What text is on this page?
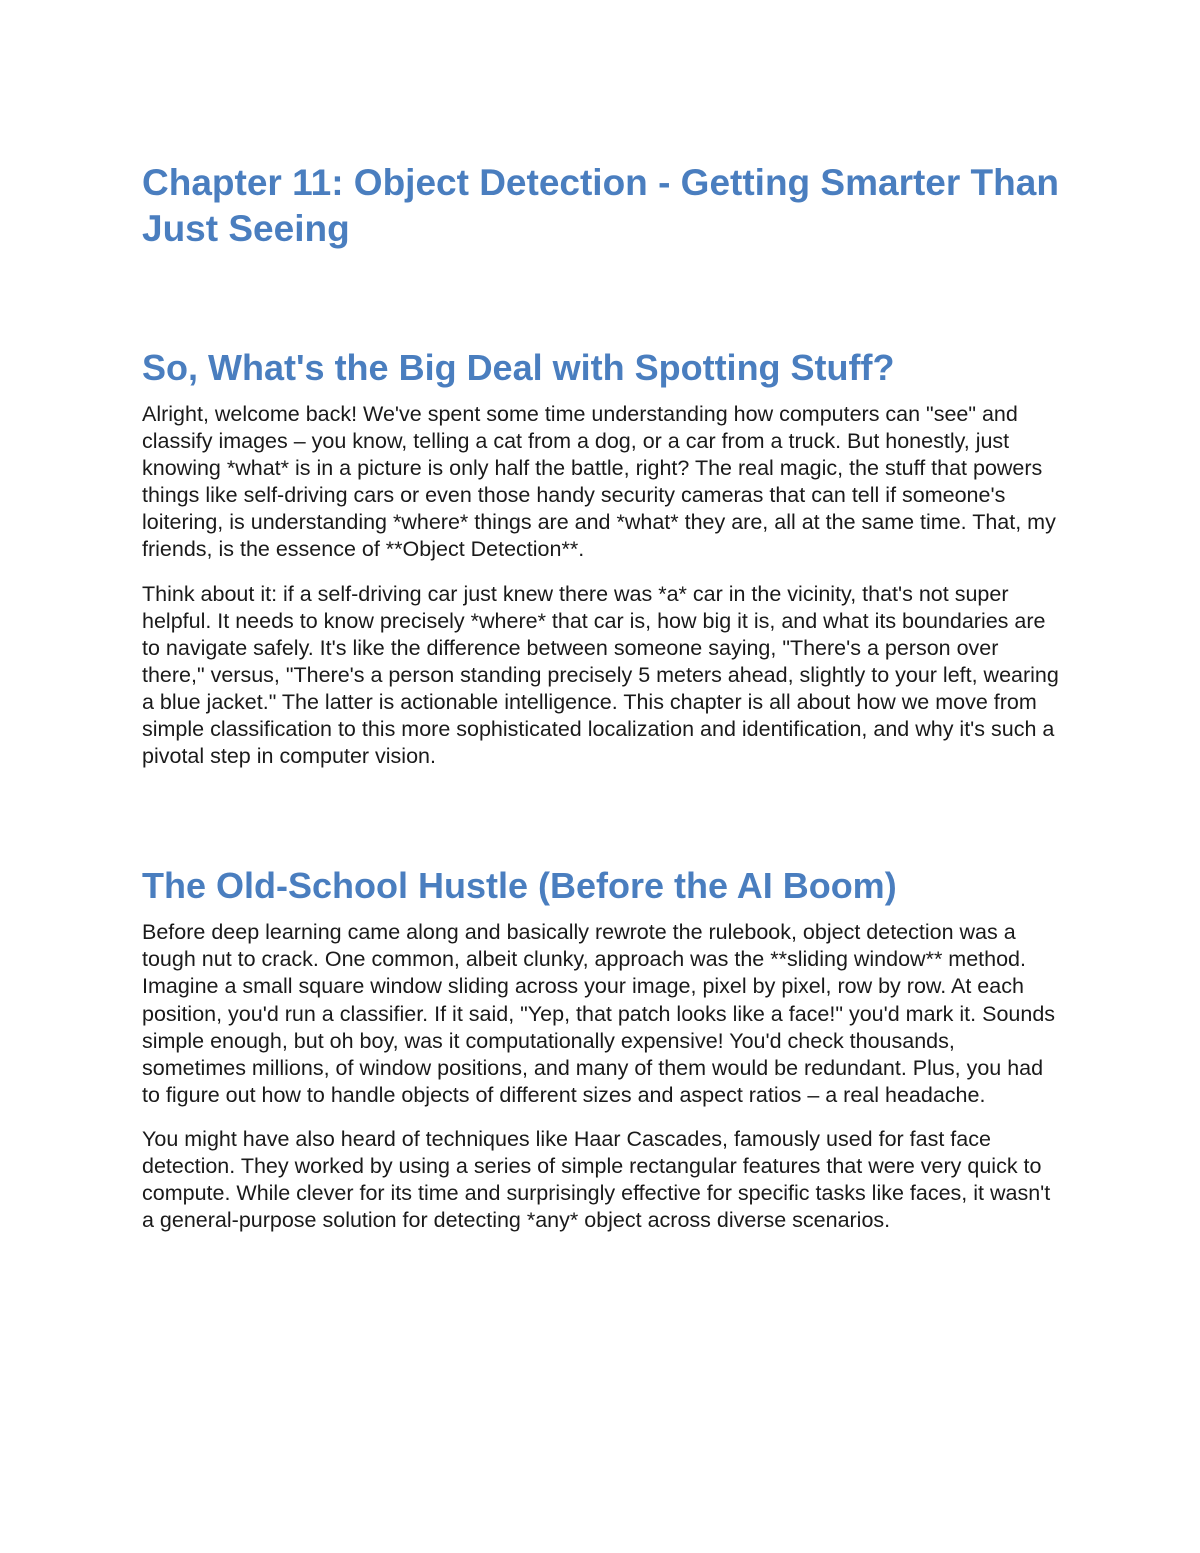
Chapter 11: Object Detection - Getting Smarter Than Just Seeing
So, What's the Big Deal with Spotting Stuff?

Alright, welcome back! We've spent some time understanding how computers can "see" and classify images – you know, telling a cat from a dog, or a car from a truck. But honestly, just knowing *what* is in a picture is only half the battle, right? The real magic, the stuff that powers things like self-driving cars or even those handy security cameras that can tell if someone's loitering, is understanding *where* things are and *what* they are, all at the same time. That, my friends, is the essence of **Object Detection**.

Think about it: if a self-driving car just knew there was *a* car in the vicinity, that's not super helpful. It needs to know precisely *where* that car is, how big it is, and what its boundaries are to navigate safely. It's like the difference between someone saying, "There's a person over there," versus, "There's a person standing precisely 5 meters ahead, slightly to your left, wearing a blue jacket." The latter is actionable intelligence. This chapter is all about how we move from simple classification to this more sophisticated localization and identification, and why it's such a pivotal step in computer vision.

The Old-School Hustle (Before the AI Boom)

Before deep learning came along and basically rewrote the rulebook, object detection was a tough nut to crack. One common, albeit clunky, approach was the **sliding window** method. Imagine a small square window sliding across your image, pixel by pixel, row by row. At each position, you'd run a classifier. If it said, "Yep, that patch looks like a face!" you'd mark it. Sounds simple enough, but oh boy, was it computationally expensive! You'd check thousands, sometimes millions, of window positions, and many of them would be redundant. Plus, you had to figure out how to handle objects of different sizes and aspect ratios – a real headache.

You might have also heard of techniques like Haar Cascades, famously used for fast face detection. They worked by using a series of simple rectangular features that were very quick to compute. While clever for its time and surprisingly effective for specific tasks like faces, it wasn't a general-purpose solution for detecting *any* object across diverse scenarios.
